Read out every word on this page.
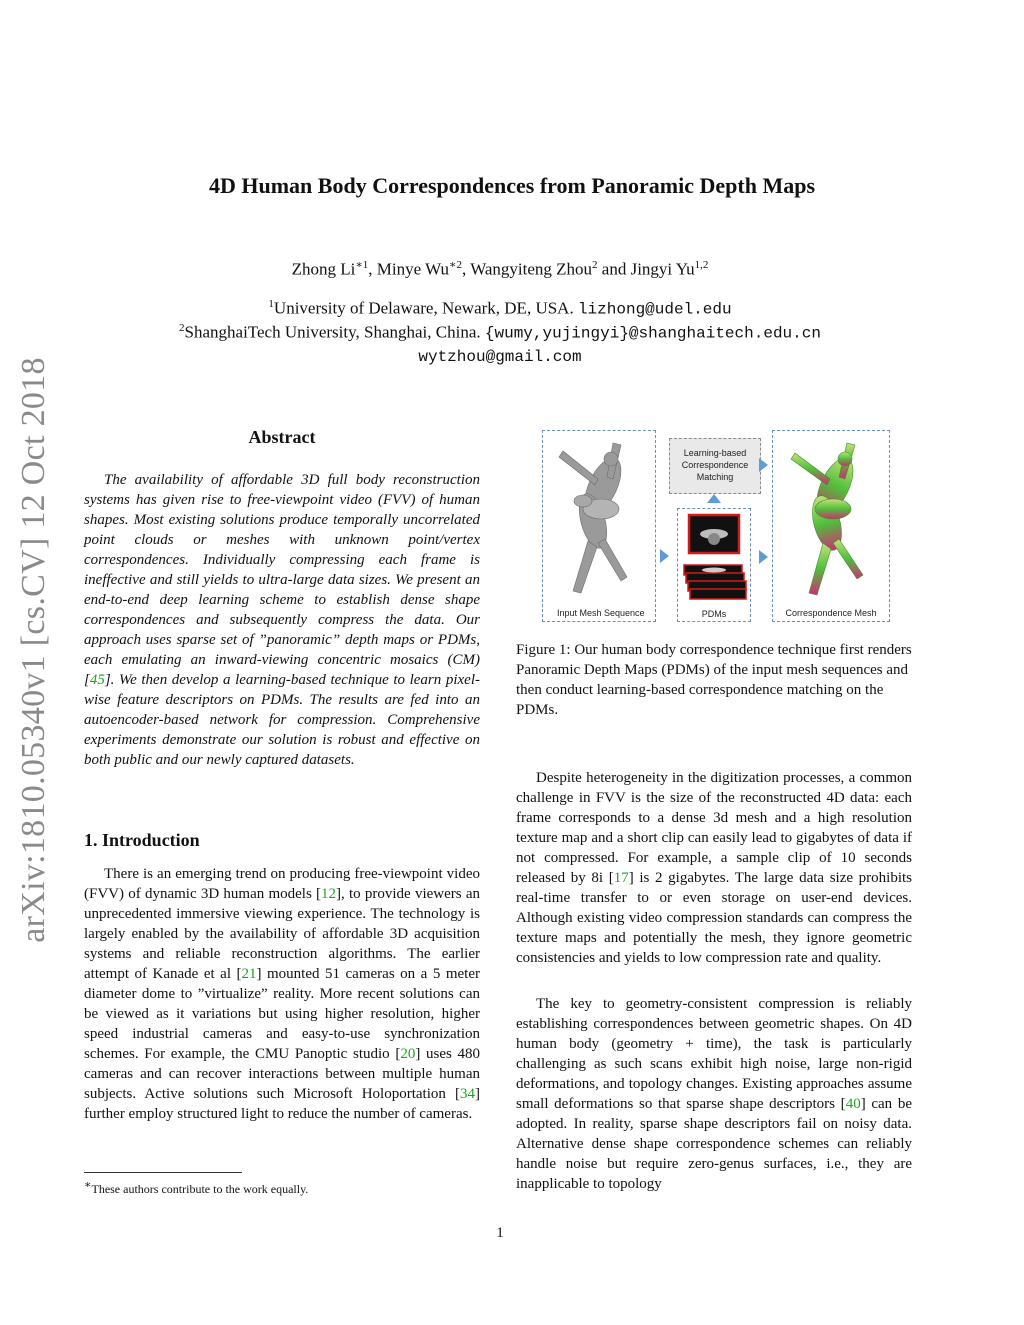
arXiv:1810.05340v1 [cs.CV] 12 Oct 2018
4D Human Body Correspondences from Panoramic Depth Maps
Zhong $Li^{∗1}$, Minye $Wu^{∗2}$, Wangyiteng Zhou$^2$ and Jingyi Yu$^{1,2}$
$^1$University of Delaware, Newark, DE, USA. lizhong@udel.edu
$^2$ShanghaiTech University, Shanghai, China. {wumy,yujingyi}@shanghaitech.edu.cn
wytzhou@gmail.com
Abstract

The availability of affordable 3D full body reconstruction systems has given rise to free-viewpoint video (FVV) of human shapes. Most existing solutions produce temporally uncorrelated point clouds or meshes with unknown point/vertex correspondences. Individually compressing each frame is ineffective and still yields to ultra-large data sizes. We present an end-to-end deep learning scheme to establish dense shape correspondences and subsequently compress the data. Our approach uses sparse set of ”panoramic” depth maps or PDMs, each emulating an inward-viewing concentric mosaics (CM) [45]. We then develop a learning-based technique to learn pixel-wise feature descriptors on PDMs. The results are fed into an autoencoder-based network for compression. Comprehensive experiments demonstrate our solution is robust and effective on both public and our newly captured datasets.

1. Introduction

There is an emerging trend on producing free-viewpoint video (FVV) of dynamic 3D human models [12], to provide viewers an unprecedented immersive viewing experience. The technology is largely enabled by the availability of affordable 3D acquisition systems and reliable reconstruction algorithms. The earlier attempt of Kanade et al [21] mounted 51 cameras on a 5 meter diameter dome to ”virtualize” reality. More recent solutions can be viewed as it variations but using higher resolution, higher speed industrial cameras and easy-to-use synchronization schemes. For example, the CMU Panoptic studio [20] uses 480 cameras and can recover interactions between multiple human subjects. Active solutions such Microsoft Holoportation [34] further employ structured light to reduce the number of cameras.

∗These authors contribute to the work equally.
Input Mesh Sequence
Learning-based
Correspondence
Matching
PDMs	Correspondence Mesh

Figure 1: Our human body correspondence technique first renders Panoramic Depth Maps (PDMs) of the input mesh sequences and then conduct learning-based correspondence matching on the PDMs.

Despite heterogeneity in the digitization processes, a common challenge in FVV is the size of the reconstructed 4D data: each frame corresponds to a dense 3d mesh and a high resolution texture map and a short clip can easily lead to gigabytes of data if not compressed. For example, a sample clip of 10 seconds released by 8i [17] is 2 gigabytes. The large data size prohibits real-time transfer to or even storage on user-end devices. Although existing video compression standards can compress the texture maps and potentially the mesh, they ignore geometric consistencies and yields to low compression rate and quality.

The key to geometry-consistent compression is reliably establishing correspondences between geometric shapes. On 4D human body (geometry + time), the task is particularly challenging as such scans exhibit high noise, large non-rigid deformations, and topology changes. Existing approaches assume small deformations so that sparse shape descriptors [40] can be adopted. In reality, sparse shape descriptors fail on noisy data. Alternative dense shape correspondence schemes can reliably handle noise but require zero-genus surfaces, i.e., they are inapplicable to topology

1
